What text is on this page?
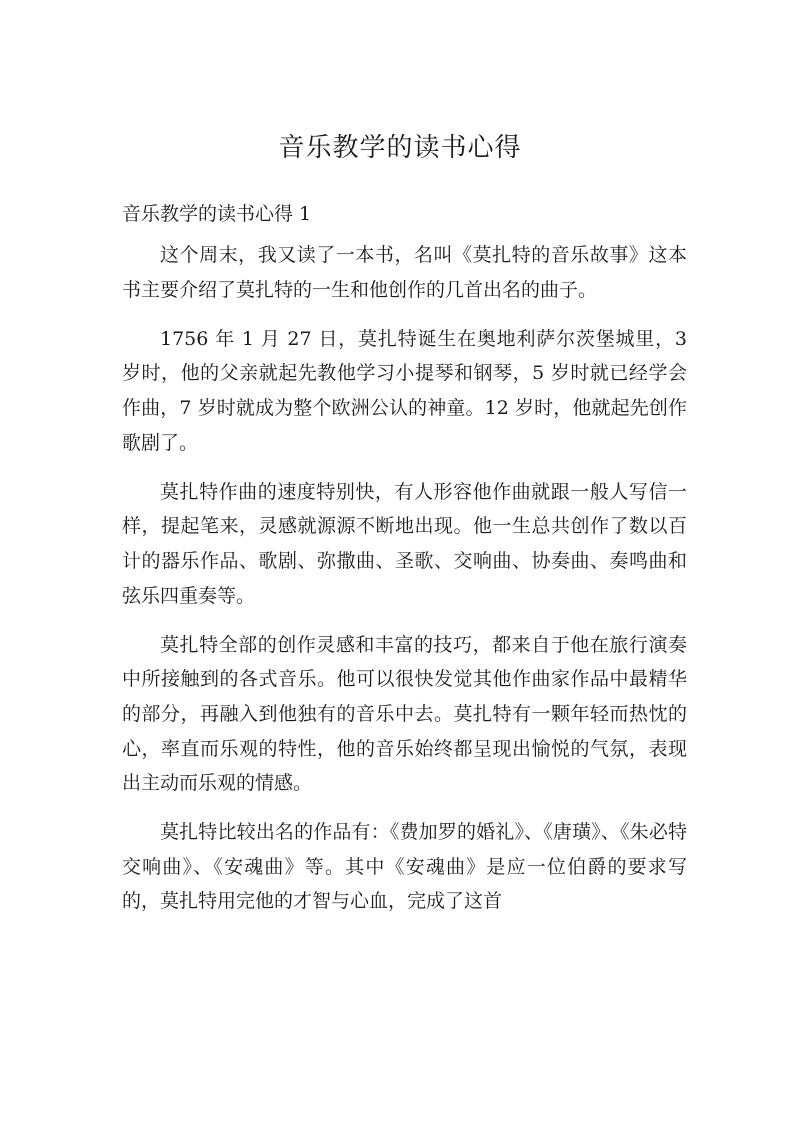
音乐教学的读书心得
音乐教学的读书心得 1

这个周末，我又读了一本书，名叫《莫扎特的音乐故事》这本书主要介绍了莫扎特的一生和他创作的几首出名的曲子。

1756 年 1 月 27 日，莫扎特诞生在奥地利萨尔茨堡城里，3 岁时，他的父亲就起先教他学习小提琴和钢琴，5 岁时就已经学会作曲，7 岁时就成为整个欧洲公认的神童。12 岁时，他就起先创作歌剧了。

莫扎特作曲的速度特别快，有人形容他作曲就跟一般人写信一样，提起笔来，灵感就源源不断地出现。他一生总共创作了数以百计的器乐作品、歌剧、弥撒曲、圣歌、交响曲、协奏曲、奏鸣曲和弦乐四重奏等。

莫扎特全部的创作灵感和丰富的技巧，都来自于他在旅行演奏中所接触到的各式音乐。他可以很快发觉其他作曲家作品中最精华的部分，再融入到他独有的音乐中去。莫扎特有一颗年轻而热忱的心，率直而乐观的特性，他的音乐始终都呈现出愉悦的气氛，表现出主动而乐观的情感。

莫扎特比较出名的作品有：《费加罗的婚礼》、《唐璜》、《朱必特交响曲》、《安魂曲》等。其中《安魂曲》是应一位伯爵的要求写的，莫扎特用完他的才智与心血，完成了这首
